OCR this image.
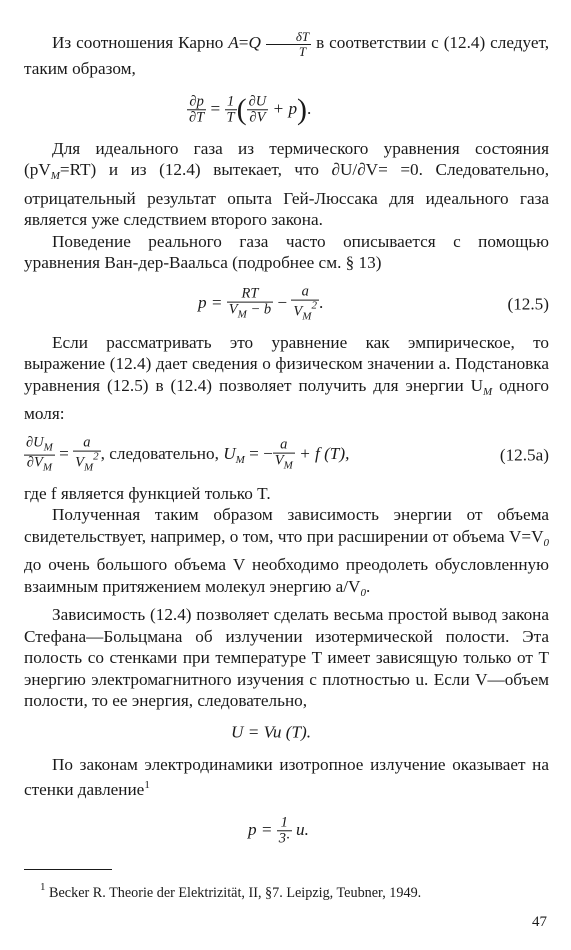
Из соотношения Карно $A=Q \frac{\delta T}{T}$ в соответствии с (12.4) следует, таким образом,

$\frac{\partial p}{\partial T} = \frac{1}{T}$ ( $\frac{\partial U}{\partial V} + p$).

Для идеального газа из термического уравнения состояния $(pV_M=RT)$ и из (12.4) вытекает, что ∂U/∂V= =0. Следовательно, отрицательный результат опыта Гей-Люссака для идеального газа является уже следствием второго закона.

Поведение реального газа часто описывается с помощью уравнения Ван-дер-Ваальса (подробнее см. § 13)

$p = \frac{RT}{V_M - b} - \frac{a}{V_M^2}$ .	(12.5)

Если рассматривать это уравнение как эмпирическое, то выражение (12.4) дает сведения о физическом значении a. Подстановка уравнения (12.5) в (12.4) позволяет получить для энергии $U_M$ одного моля:

$\frac{\partial U_M}{\partial V_M} = \frac{a}{V_M^2}$ , следовательно, $U_M$ = − $\frac{a}{V_M} + f$ (T),	(12.5a)

где f является функцией только T.

Полученная таким образом зависимость энергии от объема свидетельствует, например, о том, что при расширении от объема $V=V_0$ до очень большого объема V необходимо преодолеть обусловленную взаимным притяжением молекул энергию $a/V_0$.

Зависимость (12.4) позволяет сделать весьма простой вывод закона Стефана—Больцмана об излучении изотермической полости. Эта полость со стенками при температуре T имеет зависящую только от T энергию электромагнитного изучения с плотностью u. Если V—объем полости, то ее энергия, следовательно,

U = Vu (T).

По законам электродинамики изотропное излучение оказывает на стенки давление$^1$

$p = \frac{1}{3\cdot} u$.
$^1$ Becker R. Theorie der Elektrizität, II, §7. Leipzig, Teubner, 1949.
47
